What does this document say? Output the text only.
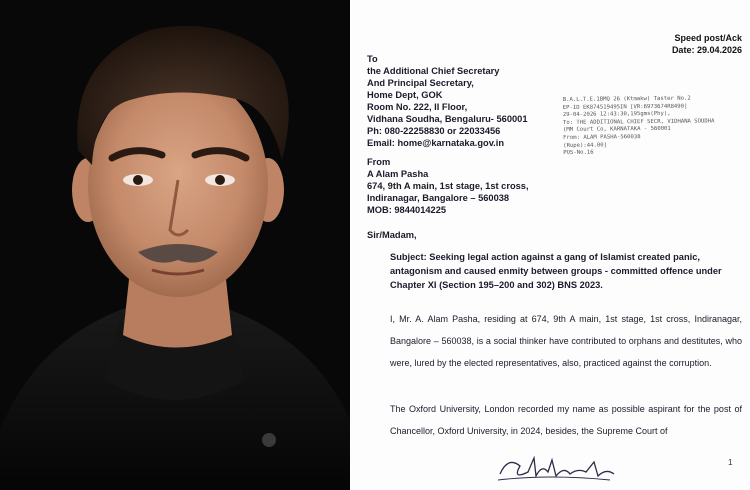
Speed post/Ack
Date: 29.04.2026
To
the Additional Chief Secretary
And Principal Secretary,
Home Dept, GOK
Room No. 222, II Floor,
Vidhana Soudha, Bengaluru- 560001
Ph: 080-22258830 or 22033456
Email: home@karnataka.gov.in
B.A.L.T.E.1BMQ 26 (Ktmakw) Taster No.2
EP-ID EK874519495IN [VR:6973674R8490]
29-04-2026 12:43:30,195gms(Phy),
To: THE ADDITIONAL CHIEF SECR, VIDHANA SOUDHA
(MM Court Co, KARNATAKA - 560001
From: ALAM PASHA-560038
(Rupe):44.00]
POS-No.16
From
A Alam Pasha
674, 9th A main, 1st stage, 1st cross,
Indiranagar, Bangalore – 560038
MOB: 9844014225
Sir/Madam,
Subject: Seeking legal action against a gang of Islamist created panic, antagonism and caused enmity between groups - committed offence under Chapter XI (Section 195–200 and 302) BNS 2023.
I, Mr. A. Alam Pasha, residing at 674, 9th A main, 1st stage, 1st cross, Indiranagar, Bangalore – 560038, is a social thinker have contributed to orphans and destitutes, who were, lured by the elected representatives, also, practiced against the corruption.
The Oxford University, London recorded my name as possible aspirant for the post of Chancellor, Oxford University, in 2024, besides, the Supreme Court of
1
